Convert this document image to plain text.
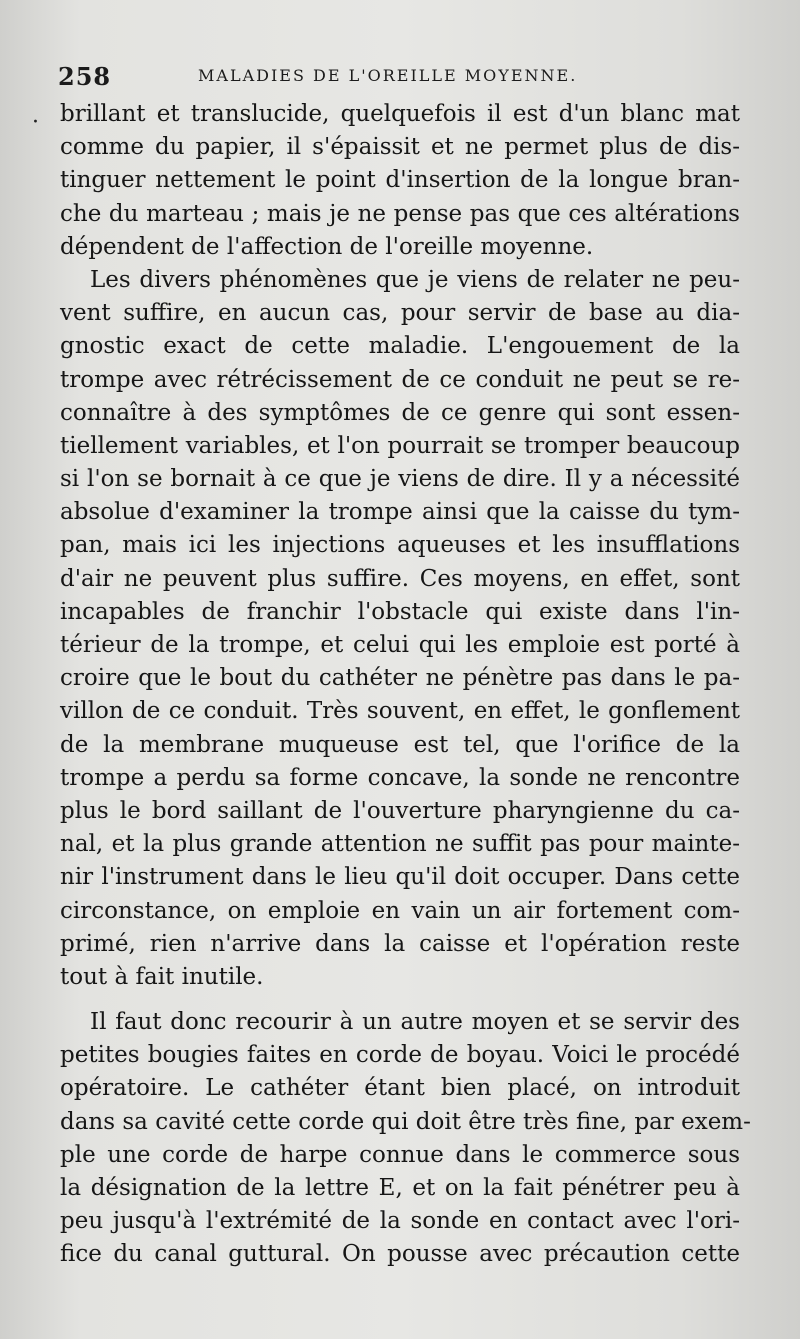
258	MALADIES DE L'OREILLE MOYENNE.
· brillant et translucide, quelquefois il est d'un blanc mat
comme du papier, il s'épaissit et ne permet plus de dis-
tinguer nettement le point d'insertion de la longue bran-
che du marteau ; mais je ne pense pas que ces altérations
dépendent de l'affection de l'oreille moyenne.

Les divers phénomènes que je viens de relater ne peu-
vent suffire, en aucun cas, pour servir de base au dia-
gnostic exact de cette maladie. L'engouement de la
trompe avec rétrécissement de ce conduit ne peut se re-
connaître à des symptômes de ce genre qui sont essen-
tiellement variables, et l'on pourrait se tromper beaucoup
si l'on se bornait à ce que je viens de dire. Il y a nécessité
absolue d'examiner la trompe ainsi que la caisse du tym-
pan, mais ici les injections aqueuses et les insufflations
d'air ne peuvent plus suffire. Ces moyens, en effet, sont
incapables de franchir l'obstacle qui existe dans l'in-
térieur de la trompe, et celui qui les emploie est porté à
croire que le bout du cathéter ne pénètre pas dans le pa-
villon de ce conduit. Très souvent, en effet, le gonflement
de la membrane muqueuse est tel, que l'orifice de la
trompe a perdu sa forme concave, la sonde ne rencontre
plus le bord saillant de l'ouverture pharyngienne du ca-
nal, et la plus grande attention ne suffit pas pour mainte-
nir l'instrument dans le lieu qu'il doit occuper. Dans cette
circonstance, on emploie en vain un air fortement com-
primé, rien n'arrive dans la caisse et l'opération reste
tout à fait inutile.

Il faut donc recourir à un autre moyen et se servir des
petites bougies faites en corde de boyau. Voici le procédé
opératoire. Le cathéter étant bien placé, on introduit
dans sa cavité cette corde qui doit être très fine, par exem-
ple une corde de harpe connue dans le commerce sous
la désignation de la lettre E, et on la fait pénétrer peu à
peu jusqu'à l'extrémité de la sonde en contact avec l'ori-
fice du canal guttural. On pousse avec précaution cette
